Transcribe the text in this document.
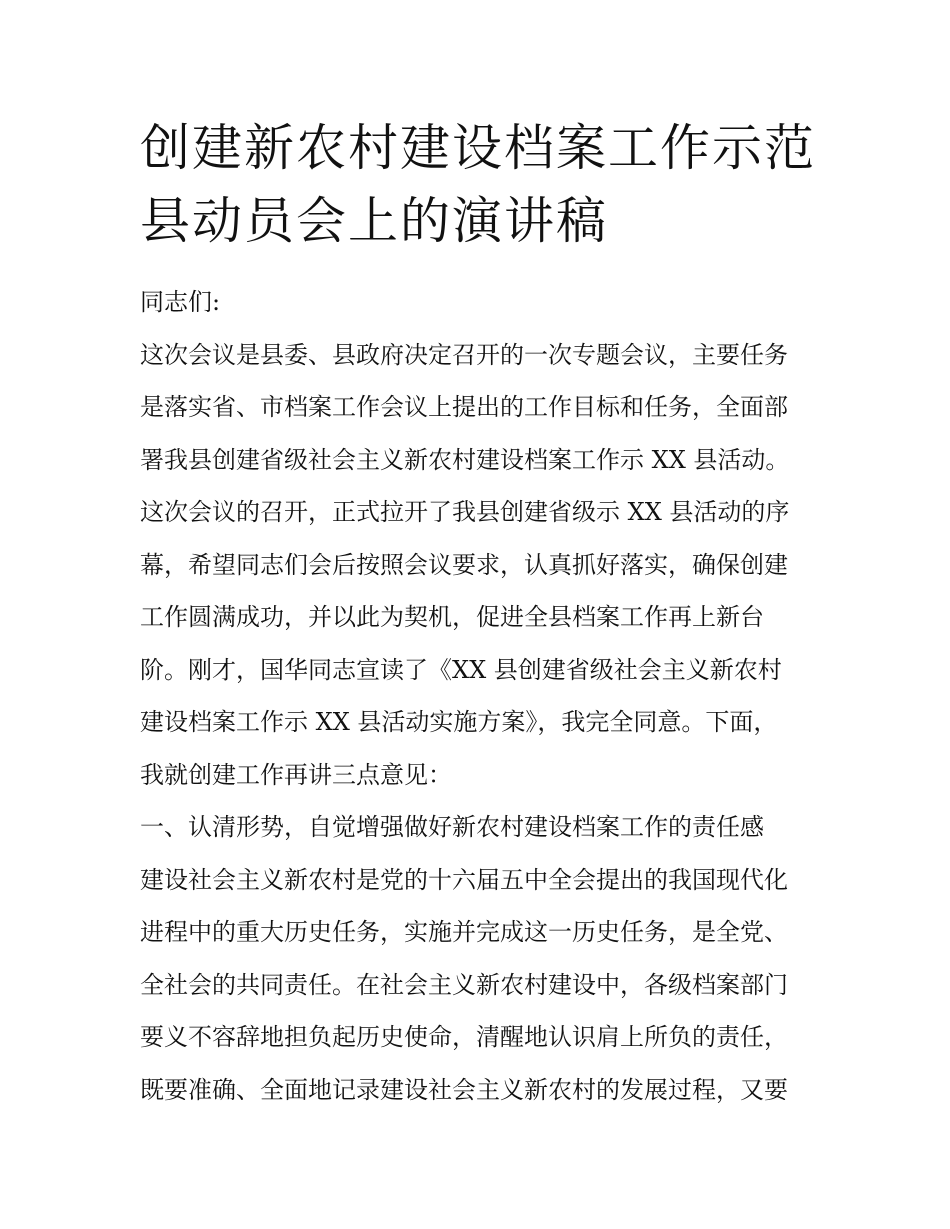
创建新农村建设档案工作示范
县动员会上的演讲稿
同志们:
这次会议是县委、县政府决定召开的一次专题会议，主要任务
是落实省、市档案工作会议上提出的工作目标和任务，全面部
署我县创建省级社会主义新农村建设档案工作示 XX 县活动。
这次会议的召开，正式拉开了我县创建省级示 XX 县活动的序
幕，希望同志们会后按照会议要求，认真抓好落实，确保创建
工作圆满成功，并以此为契机，促进全县档案工作再上新台
阶。刚才，国华同志宣读了《XX 县创建省级社会主义新农村
建设档案工作示 XX 县活动实施方案》，我完全同意。下面，
我就创建工作再讲三点意见：
一、认清形势，自觉增强做好新农村建设档案工作的责任感
建设社会主义新农村是党的十六届五中全会提出的我国现代化
进程中的重大历史任务，实施并完成这一历史任务，是全党、
全社会的共同责任。在社会主义新农村建设中，各级档案部门
要义不容辞地担负起历史使命，清醒地认识肩上所负的责任，
既要准确、全面地记录建设社会主义新农村的发展过程，又要
